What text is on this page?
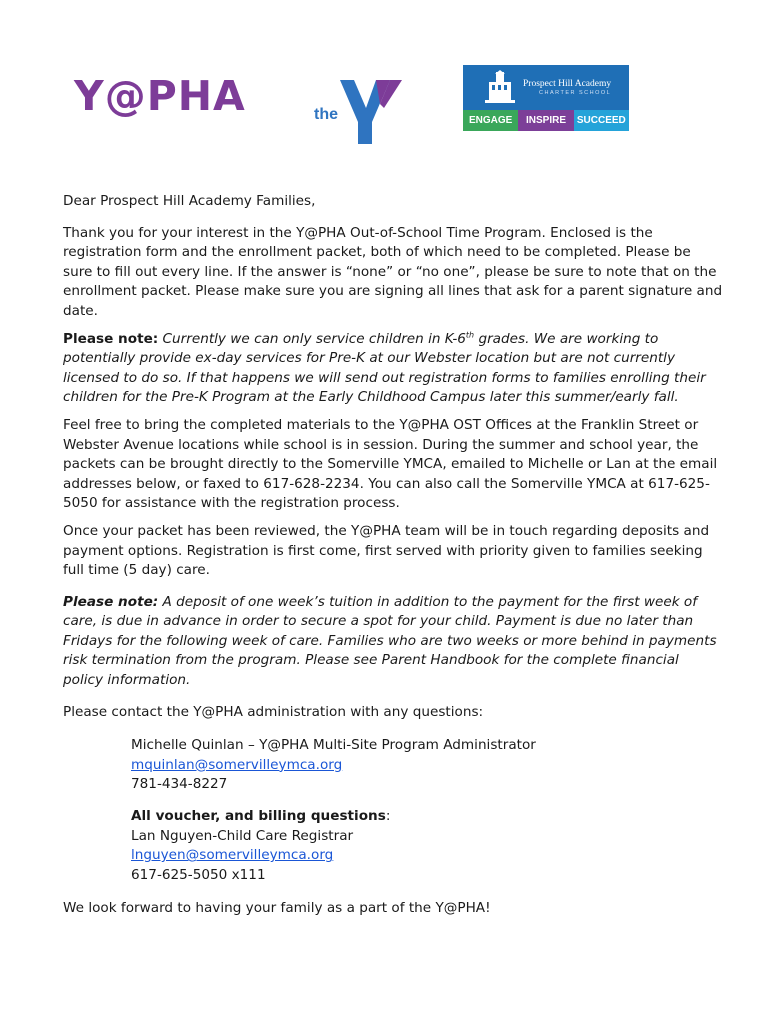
Y@PHA	the
Prospect Hill Academy
CHARTER SCHOOL
ENGAGE	INSPIRE	SUCCEED

Dear Prospect Hill Academy Families,

Thank you for your interest in the Y@PHA Out-of-School Time Program. Enclosed is the registration form and the enrollment packet, both of which need to be completed. Please be sure to fill out every line. If the answer is “none” or “no one”, please be sure to note that on the enrollment packet. Please make sure you are signing all lines that ask for a parent signature and date.

Please note: Currently we can only service children in K-6th grades. We are working to potentially provide ex-day services for Pre-K at our Webster location but are not currently licensed to do so. If that happens we will send out registration forms to families enrolling their children for the Pre-K Program at the Early Childhood Campus later this summer/early fall.

Feel free to bring the completed materials to the Y@PHA OST Offices at the Franklin Street or Webster Avenue locations while school is in session. During the summer and school year, the packets can be brought directly to the Somerville YMCA, emailed to Michelle or Lan at the email addresses below, or faxed to 617-628-2234. You can also call the Somerville YMCA at 617-625-5050 for assistance with the registration process.

Once your packet has been reviewed, the Y@PHA team will be in touch regarding deposits and payment options. Registration is first come, first served with priority given to families seeking full time (5 day) care.

Please note: A deposit of one week’s tuition in addition to the payment for the first week of care, is due in advance in order to secure a spot for your child. Payment is due no later than Fridays for the following week of care. Families who are two weeks or more behind in payments risk termination from the program. Please see Parent Handbook for the complete financial policy information.

Please contact the Y@PHA administration with any questions:

Michelle Quinlan – Y@PHA Multi-Site Program Administrator

mquinlan@somervilleymca.org

781-434-8227

All voucher, and billing questions:

Lan Nguyen-Child Care Registrar

lnguyen@somervilleymca.org

617-625-5050 x111

We look forward to having your family as a part of the Y@PHA!
